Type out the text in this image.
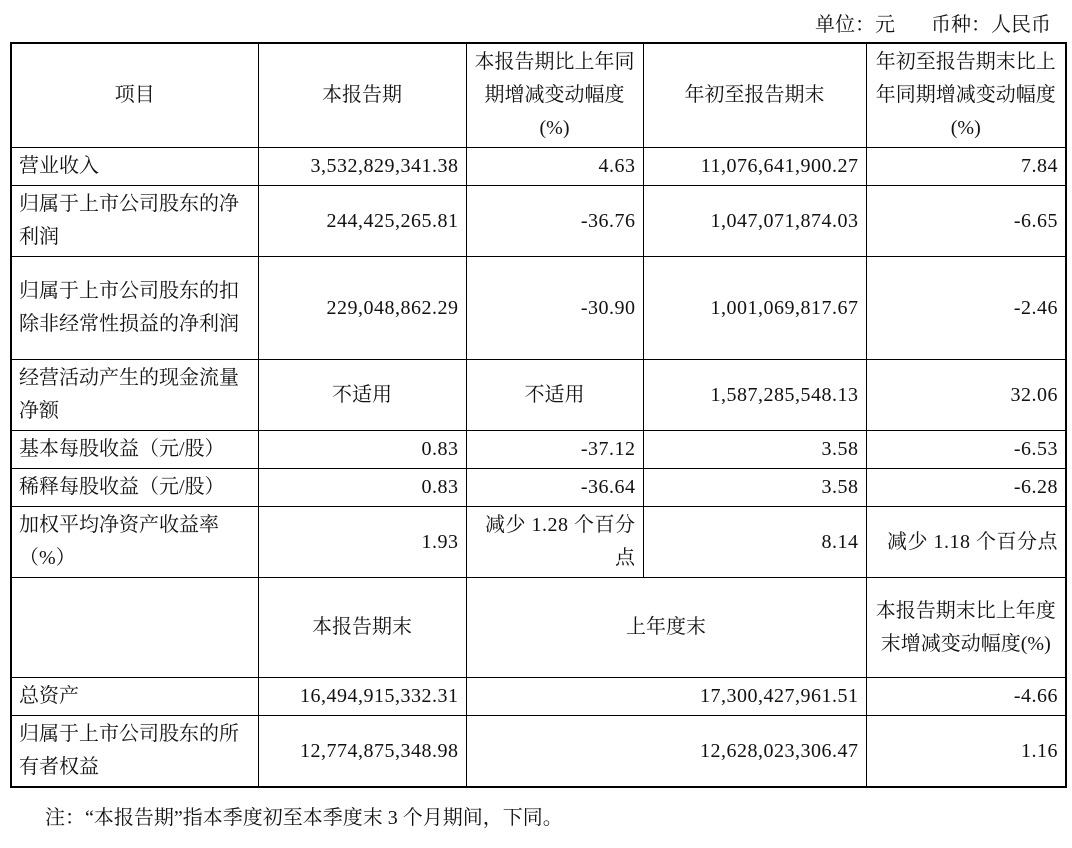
单位：元 币种：人民币
项目	本报告期	本报告期比上年同期增减变动幅度(%)	年初至报告期末	年初至报告期末比上年同期增减变动幅度(%)
营业收入	3,532,829,341.38	4.63	11,076,641,900.27	7.84
归属于上市公司股东的净利润	244,425,265.81	-36.76	1,047,071,874.03	-6.65
归属于上市公司股东的扣除非经常性损益的净利润	229,048,862.29	-30.90	1,001,069,817.67	-2.46
经营活动产生的现金流量净额	不适用	不适用	1,587,285,548.13	32.06
基本每股收益（元/股）	0.83	-37.12	3.58	-6.53
稀释每股收益（元/股）	0.83	-36.64	3.58	-6.28
加权平均净资产收益率（%）	1.93	减少 1.28 个百分点	8.14	减少 1.18 个百分点
	本报告期末	上年度末		本报告期末比上年度末增减变动幅度(%)
总资产	16,494,915,332.31	17,300,427,961.51		-4.66
归属于上市公司股东的所有者权益	12,774,875,348.98	12,628,023,306.47		1.16
注：“本报告期”指本季度初至本季度末 3 个月期间，下同。
